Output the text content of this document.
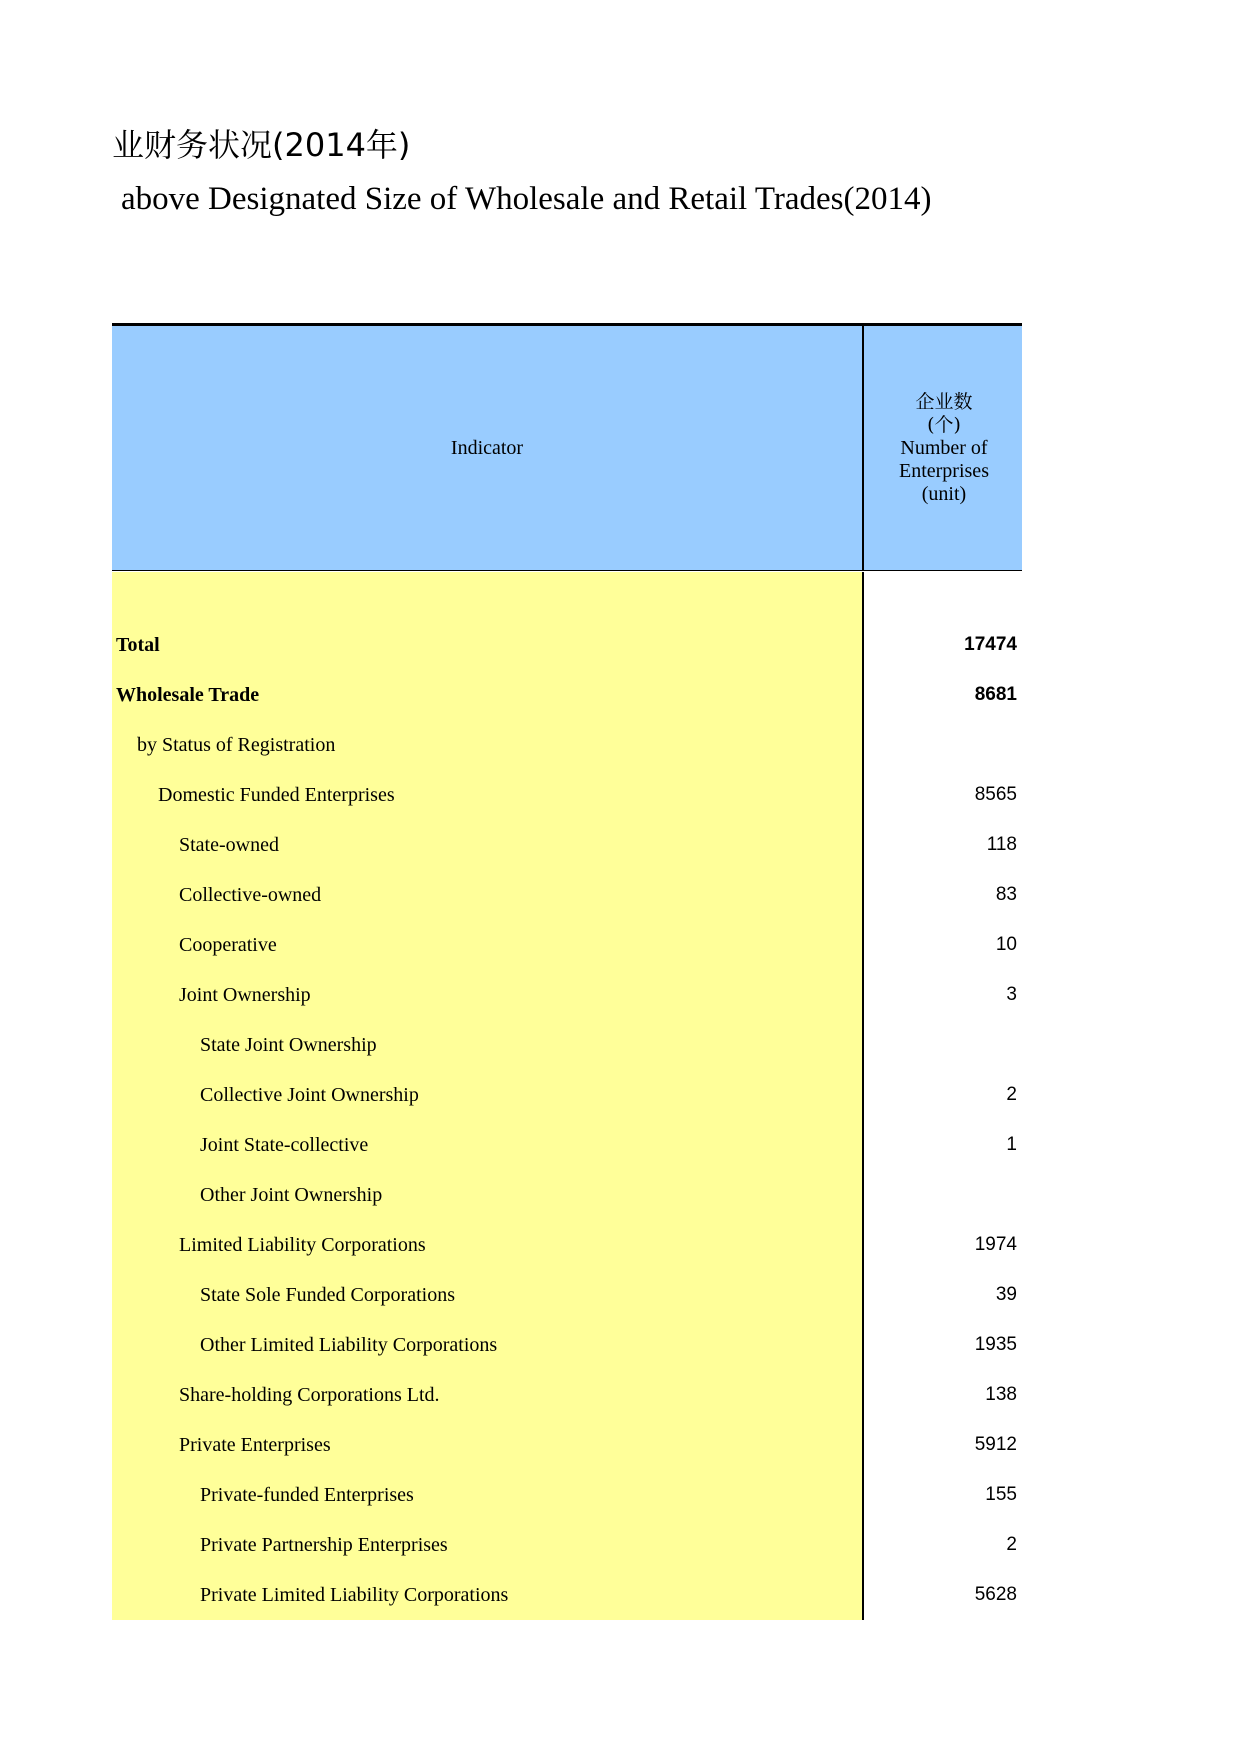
业财务状况(2014年)
above Designated Size of Wholesale and Retail Trades(2014)
Indicator
企业数
(个)
Number of
Enterprises
(unit)
Total	17474
Wholesale Trade	8681
by Status of Registration
Domestic Funded Enterprises	8565
State-owned	118
Collective-owned	83
Cooperative	10
Joint Ownership	3
State Joint Ownership
Collective Joint Ownership	2
Joint State-collective	1
Other Joint Ownership
Limited Liability Corporations	1974
State Sole Funded Corporations	39
Other Limited Liability Corporations	1935
Share-holding Corporations Ltd.	138
Private Enterprises	5912
Private-funded Enterprises	155
Private Partnership Enterprises	2
Private Limited Liability Corporations	5628
